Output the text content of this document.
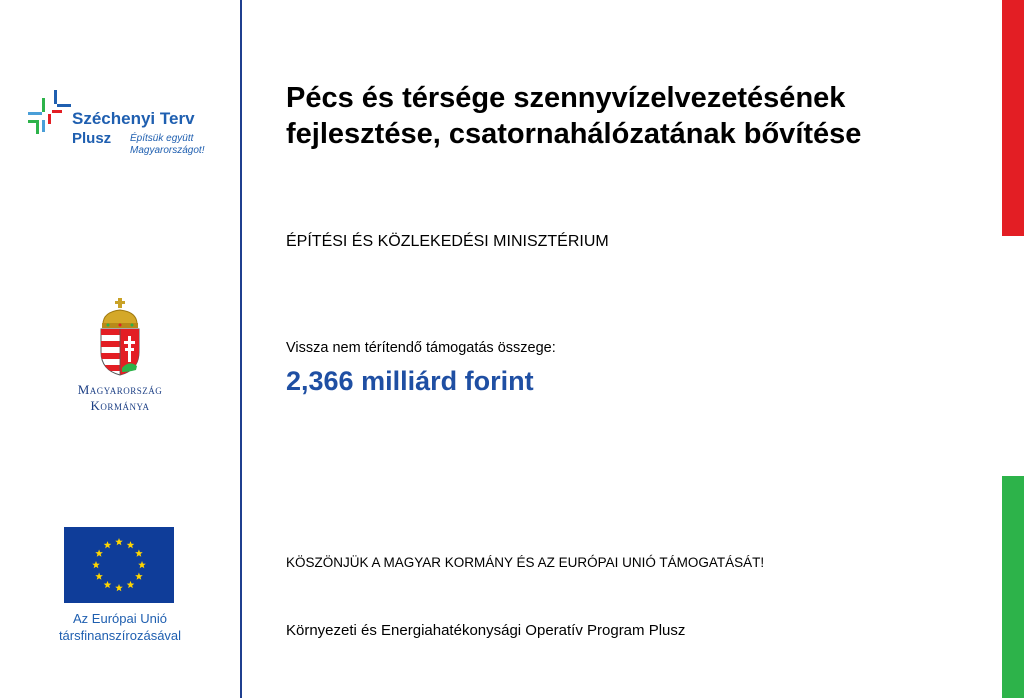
Széchenyi Terv
Plusz Építsük együtt
Magyarországot!
Magyarország
Kormánya
Az Európai Unió
társfinanszírozásával
Pécs és térsége szennyvízelvezetésének fejlesztése, csatornahálózatának bővítése
ÉPÍTÉSI ÉS KÖZLEKEDÉSI MINISZTÉRIUM
Vissza nem térítendő támogatás összege:
2,366 milliárd forint
KÖSZÖNJÜK A MAGYAR KORMÁNY ÉS AZ EURÓPAI UNIÓ TÁMOGATÁSÁT!
Környezeti és Energiahatékonysági Operatív Program Plusz
